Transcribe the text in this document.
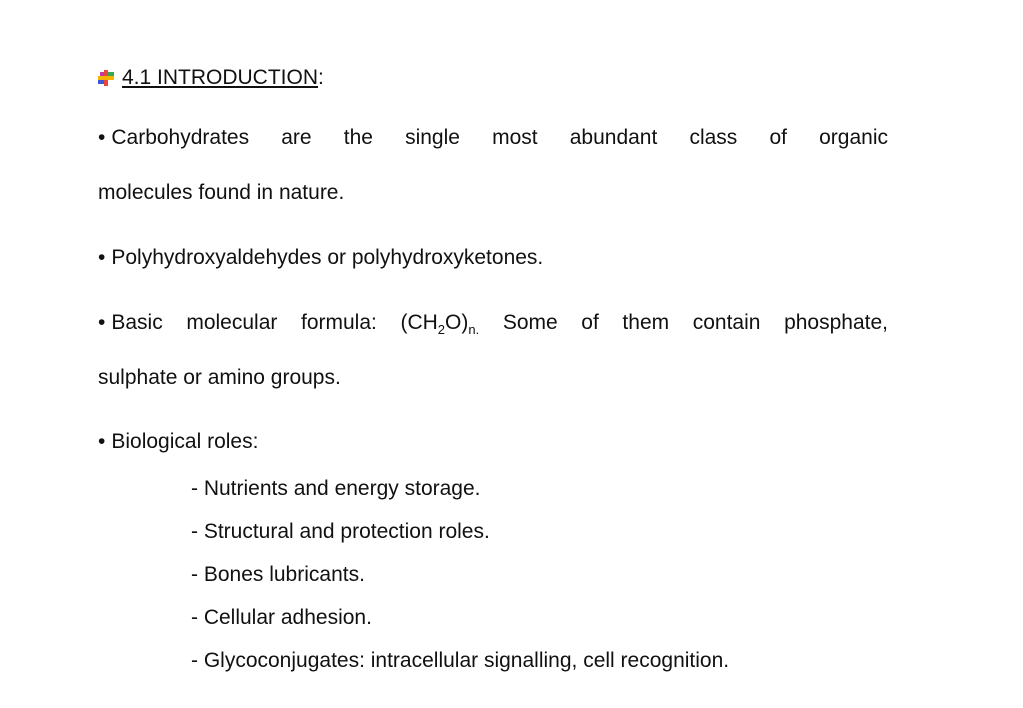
4.1 INTRODUCTION :
• Carbohydrates are the single most abundant class of organic
molecules found in nature.
• Polyhydroxyaldehydes or polyhydroxyketones.
• Basic molecular formula: $(CH_2O)_{n.}$ Some of them contain phosphate,
sulphate or amino groups.
• Biological roles:
- Nutrients and energy storage.
- Structural and protection roles.
- Bones lubricants.
- Cellular adhesion.
- Glycoconjugates: intracellular signalling, cell recognition.
